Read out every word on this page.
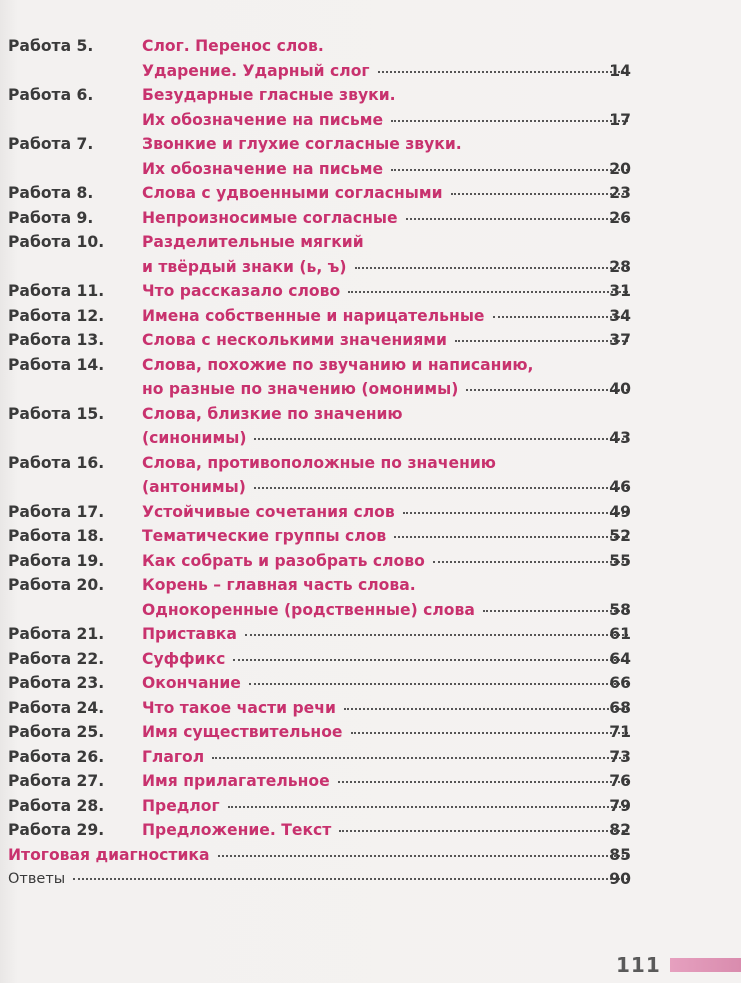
Работа 5.	Слог. Перенос слов.
Ударение. Ударный слог	14
Работа 6.	Безударные гласные звуки.
Их обозначение на письме	17
Работа 7.	Звонкие и глухие согласные звуки.
Их обозначение на письме	20
Работа 8.	Слова с удвоенными согласными	23
Работа 9.	Непроизносимые согласные	26
Работа 10. Разделительные мягкий
и твёрдый знаки (ь, ъ)	28
Работа 11. Что рассказало слово	31
Работа 12. Имена собственные и нарицательные	34
Работа 13. Слова с несколькими значениями	37
Работа 14. Слова, похожие по звучанию и написанию,
но разные по значению (омонимы)	40
Работа 15. Слова, близкие по значению
(синонимы)	43
Работа 16. Слова, противоположные по значению
(антонимы)	46
Работа 17. Устойчивые сочетания слов	49
Работа 18. Тематические группы слов	52
Работа 19. Как собрать и разобрать слово	55
Работа 20. Корень – главная часть слова.
Однокоренные (родственные) слова	58
Работа 21. Приставка	61
Работа 22. Суффикс	64
Работа 23. Окончание	66
Работа 24. Что такое части речи	68
Работа 25. Имя существительное	71
Работа 26. Глагол	73
Работа 27. Имя прилагательное	76
Работа 28. Предлог	79
Работа 29. Предложение. Текст	82
Итоговая диагностика	85
Ответы	90
111
